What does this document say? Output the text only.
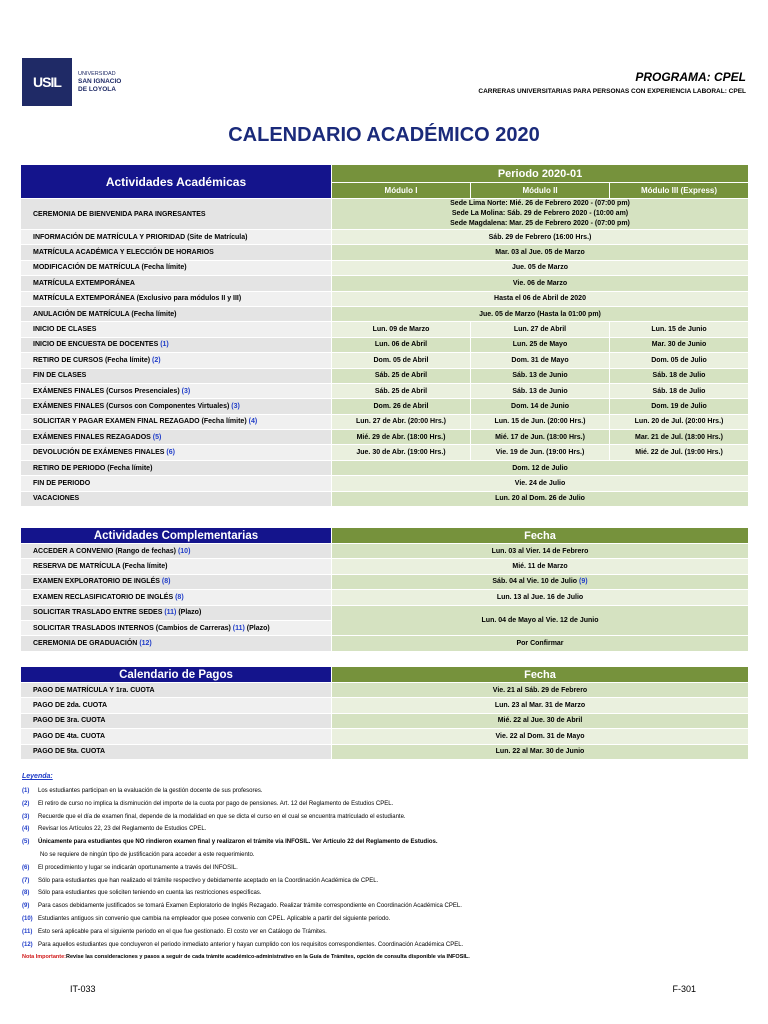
USIL	UNIVERSIDAD
SAN IGNACIO
DE LOYOLA
PROGRAMA: CPEL
CARRERAS UNIVERSITARIAS PARA PERSONAS CON EXPERIENCIA LABORAL: CPEL
CALENDARIO ACADÉMICO 2020
Actividades Académicas	Periodo 2020-01		
	Módulo I	Módulo II	Módulo III (Express)
CEREMONIA DE BIENVENIDA PARA INGRESANTES	Sede Lima Norte: Mié. 26 de Febrero 2020 - (07:00 pm)
Sede La Molina: Sáb. 29 de Febrero 2020 - (10:00 am)
Sede Magdalena: Mar. 25 de Febrero 2020 - (07:00 pm)		

INFORMACIÓN DE MATRÍCULA Y PRIORIDAD (Site de Matrícula)	Sáb. 29 de Febrero (16:00 Hrs.)		
MATRÍCULA ACADÉMICA Y ELECCIÓN DE HORARIOS	Mar. 03 al Jue. 05 de Marzo		
MODIFICACIÓN DE MATRÍCULA (Fecha límite)	Jue. 05 de Marzo		
MATRÍCULA EXTEMPORÁNEA	Vie. 06 de Marzo		
MATRÍCULA EXTEMPORÁNEA (Exclusivo para módulos II y III)	Hasta el 06 de Abril de 2020		
ANULACIÓN DE MATRÍCULA (Fecha límite)	Jue. 05 de Marzo (Hasta la 01:00 pm)		
INICIO DE CLASES	Lun. 09 de Marzo	Lun. 27 de Abril	Lun. 15 de Junio
INICIO DE ENCUESTA DE DOCENTES (1)	Lun. 06 de Abril	Lun. 25 de Mayo	Mar. 30 de Junio
RETIRO DE CURSOS (Fecha límite) (2)	Dom. 05 de Abril	Dom. 31 de Mayo	Dom. 05 de Julio
FIN DE CLASES	Sáb. 25 de Abril	Sáb. 13 de Junio	Sáb. 18 de Julio
EXÁMENES FINALES (Cursos Presenciales) (3)	Sáb. 25 de Abril	Sáb. 13 de Junio	Sáb. 18 de Julio
EXÁMENES FINALES (Cursos con Componentes Virtuales) (3)	Dom. 26 de Abril	Dom. 14 de Junio	Dom. 19 de Julio
SOLICITAR Y PAGAR EXAMEN FINAL REZAGADO (Fecha límite) (4)	Lun. 27 de Abr. (20:00 Hrs.)	Lun. 15 de Jun. (20:00 Hrs.)	Lun. 20 de Jul. (20:00 Hrs.)
EXÁMENES FINALES REZAGADOS (5)	Mié. 29 de Abr. (18:00 Hrs.)	Mié. 17 de Jun. (18:00 Hrs.)	Mar. 21 de Jul. (18:00 Hrs.)
DEVOLUCIÓN DE EXÁMENES FINALES (6)	Jue. 30 de Abr. (19:00 Hrs.)	Vie. 19 de Jun. (19:00 Hrs.)	Mié. 22 de Jul. (19:00 Hrs.)
RETIRO DE PERIODO (Fecha límite)	Dom. 12 de Julio		
FIN DE PERIODO	Vie. 24 de Julio		
VACACIONES	Lun. 20 al Dom. 26 de Julio		
Actividades Complementarias	Fecha
ACCEDER A CONVENIO (Rango de fechas) (10)	Lun. 03 al Vier. 14 de Febrero
RESERVA DE MATRÍCULA (Fecha límite)	Mié. 11 de Marzo
EXAMEN EXPLORATORIO DE INGLÉS (8)	Sáb. 04 al Vie. 10 de Julio (9)
EXAMEN RECLASIFICATORIO DE INGLÉS (8)	Lun. 13 al Jue. 16 de Julio
SOLICITAR TRASLADO ENTRE SEDES (11) (Plazo)	Lun. 04 de Mayo al Vie. 12 de Junio
SOLICITAR TRASLADOS INTERNOS (Cambios de Carreras) (11) (Plazo)	
CEREMONIA DE GRADUACIÓN (12)	Por Confirmar
Calendario de Pagos	Fecha
PAGO DE MATRÍCULA Y 1ra. CUOTA	Vie. 21 al Sáb. 29 de Febrero
PAGO DE 2da. CUOTA	Lun. 23 al Mar. 31 de Marzo
PAGO DE 3ra. CUOTA	Mié. 22 al Jue. 30 de Abril
PAGO DE 4ta. CUOTA	Vie. 22 al Dom. 31 de Mayo
PAGO DE 5ta. CUOTA	Lun. 22 al Mar. 30 de Junio
Leyenda:
(1)	Los estudiantes participan en la evaluación de la gestión docente de sus profesores.
(2)	El retiro de curso no implica la disminución del importe de la cuota por pago de pensiones. Art. 12 del Reglamento de Estudios CPEL.
(3)	Recuerde que el día de examen final, depende de la modalidad en que se dicta el curso en el cual se encuentra matriculado el estudiante.
(4)	Revisar los Artículos 22, 23 del Reglamento de Estudios CPEL.
(5)	Únicamente para estudiantes que NO rindieron examen final y realizaron el trámite vía INFOSIL. Ver Artículo 22 del Reglamento de Estudios.
No se requiere de ningún tipo de justificación para acceder a este requerimiento.
(6)	El procedimiento y lugar se indicarán oportunamente a través del INFOSIL.
(7)	Sólo para estudiantes que han realizado el trámite respectivo y debidamente aceptado en la Coordinación Académica de CPEL.
(8)	Sólo para estudiantes que soliciten teniendo en cuenta las restricciones especificas.
(9)	Para casos debidamente justificados se tomará Examen Exploratorio de Inglés Rezagado. Realizar trámite correspondiente en Coordinación Académica CPEL.
(10) Estudiantes antiguos sin convenio que cambia na empleador que posee convenio con CPEL. Aplicable a partir del siguiente periodo.
(11) Esto será aplicable para el siguiente periodo en el que fue gestionado. El costo ver en Catálogo de Trámites.
(12) Para aquellos estudiantes que concluyeron el periodo inmediato anterior y hayan cumplido con los requisitos correspondientes. Coordinación Académica CPEL.
Nota Importante: Revise las consideraciones y pasos a seguir de cada trámite académico-administrativo en la Guía de Trámites, opción de consulta disponible vía INFOSIL.
IT-033	F-301
